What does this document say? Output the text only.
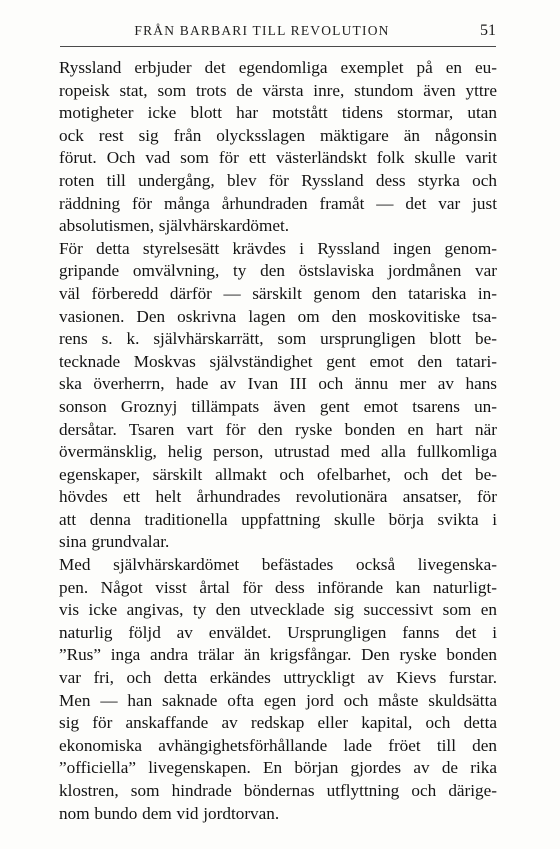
FRÅN BARBARI TILL REVOLUTION	51

Ryssland erbjuder det egendomliga exemplet på en eu-
ropeisk stat, som trots de värsta inre, stundom även yttre
motigheter icke blott har motstått tidens stormar, utan
ock rest sig från olycksslagen mäktigare än någonsin
förut. Och vad som för ett västerländskt folk skulle varit
roten till undergång, blev för Ryssland dess styrka och
räddning för många århundraden framåt — det var just
absolutismen, självhärskardömet.

För detta styrelsesätt krävdes i Ryssland ingen genom-
gripande omvälvning, ty den östslaviska jordmånen var
väl förberedd därför — särskilt genom den tatariska in-
vasionen. Den oskrivna lagen om den moskovitiske tsa-
rens s. k. självhärskarrätt, som ursprungligen blott be-
tecknade Moskvas självständighet gent emot den tatari-
ska överherrn, hade av Ivan III och ännu mer av hans
sonson Groznyj tillämpats även gent emot tsarens un-
dersåtar. Tsaren vart för den ryske bonden en hart när
övermänsklig, helig person, utrustad med alla fullkomliga
egenskaper, särskilt allmakt och ofelbarhet, och det be-
hövdes ett helt århundrades revolutionära ansatser, för
att denna traditionella uppfattning skulle börja svikta i
sina grundvalar.

Med självhärskardömet befästades också livegenska-
pen. Något visst årtal för dess införande kan naturligt-
vis icke angivas, ty den utvecklade sig successivt som en
naturlig följd av enväldet. Ursprungligen fanns det i
”Rus” inga andra trälar än krigsfångar. Den ryske bonden
var fri, och detta erkändes uttryckligt av Kievs furstar.
Men — han saknade ofta egen jord och måste skuldsätta
sig för anskaffande av redskap eller kapital, och detta
ekonomiska avhängighetsförhållande lade fröet till den
”officiella” livegenskapen. En början gjordes av de rika
klostren, som hindrade böndernas utflyttning och därige-
nom bundo dem vid jordtorvan.
